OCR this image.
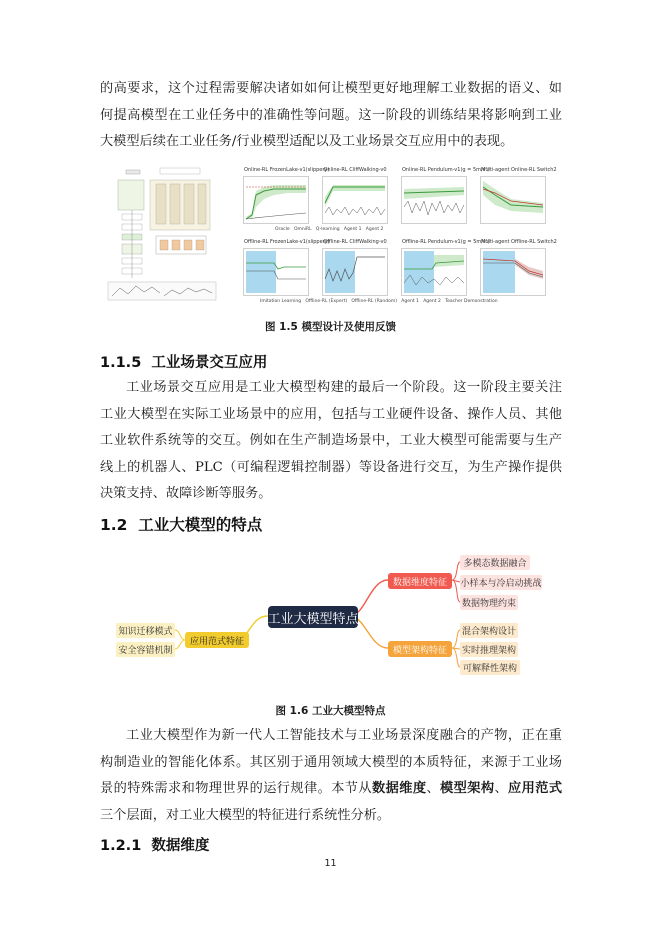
的高要求，这个过程需要解决诸如如何让模型更好地理解工业数据的语义、如
何提高模型在工业任务中的准确性等问题。这一阶段的训练结果将影响到工业
大模型后续在工业任务/行业模型适配以及工业场景交互应用中的表现。
Online-RL FrozenLake-v1(slippery)
Online-RL CliffWalking-v0	Online-RL Pendulum-v1(g = 5m/s²)
Multi-agent Online-RL Switch2
Oracle OmniRL Q-learning Agent 1 Agent 2
Offline-RL FrozenLake-v1(slippery)
Offline-RL CliffWalking-v0	Offline-RL Pendulum-v1(g = 5m/s²)
Multi-agent Offline-RL Switch2
Imitation Learning Offline-RL (Expert) Offline-RL (Random) Agent 1 Agent 2 Teacher Demonstration
图 1.5 模型设计及使用反馈
1.1.5 工业场景交互应用
工业场景交互应用是工业大模型构建的最后一个阶段。这一阶段主要关注
工业大模型在实际工业场景中的应用，包括与工业硬件设备、操作人员、其他
工业软件系统等的交互。例如在生产制造场景中，工业大模型可能需要与生产
线上的机器人、PLC（可编程逻辑控制器）等设备进行交互，为生产操作提供
决策支持、故障诊断等服务。
1.2 工业大模型的特点
工业大模型特点
数据维度特征
多模态数据融合
小样本与冷启动挑战
数据物理约束
模型架构特征
混合架构设计
实时推理架构
可解释性架构
应用范式特征
知识迁移模式
安全容错机制
图 1.6 工业大模型特点
工业大模型作为新一代人工智能技术与工业场景深度融合的产物，正在重
构制造业的智能化体系。其区别于通用领域大模型的本质特征，来源于工业场
景的特殊需求和物理世界的运行规律。本节从数据维度、模型架构、应用范式
三个层面，对工业大模型的特征进行系统性分析。
1.2.1 数据维度
11
